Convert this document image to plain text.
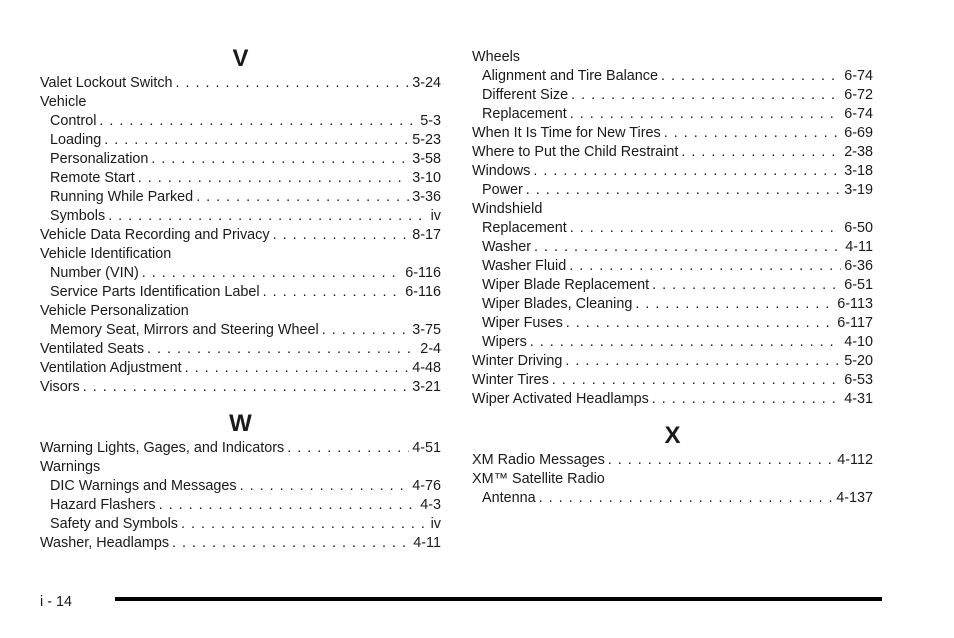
V
Valet Lockout Switch . . .	3-24
Vehicle
Control . . .	5-3
Loading . . .	5-23
Personalization . . .	3-58
Remote Start . . .	3-10
Running While Parked . . .	3-36
Symbols . . .	iv
Vehicle Data Recording and Privacy . . .	8-17
Vehicle Identification
Number (VIN) . . .	6-116
Service Parts Identification Label . . .	6-116
Vehicle Personalization
Memory Seat, Mirrors and Steering Wheel . . .	3-75
Ventilated Seats . . .	2-4
Ventilation Adjustment . . .	4-48
Visors . . .	3-21
W
Warning Lights, Gages, and Indicators . . .	4-51
Warnings
DIC Warnings and Messages . . .	4-76
Hazard Flashers . . .	4-3
Safety and Symbols . . .	iv
Washer, Headlamps . . .	4-11
Wheels
Alignment and Tire Balance . . .	6-74
Different Size . . .	6-72
Replacement . . .	6-74
When It Is Time for New Tires . . .	6-69
Where to Put the Child Restraint . . .	2-38
Windows . . .	3-18
Power . . .	3-19
Windshield
Replacement . . .	6-50
Washer . . .	4-11
Washer Fluid . . .	6-36
Wiper Blade Replacement . . .	6-51
Wiper Blades, Cleaning . . .	6-113
Wiper Fuses . . .	6-117
Wipers . . .	4-10
Winter Driving . . .	5-20
Winter Tires . . .	6-53
Wiper Activated Headlamps . . .	4-31
X
XM Radio Messages . . .	4-112
XM™ Satellite Radio
Antenna . . .	4-137
i - 14
